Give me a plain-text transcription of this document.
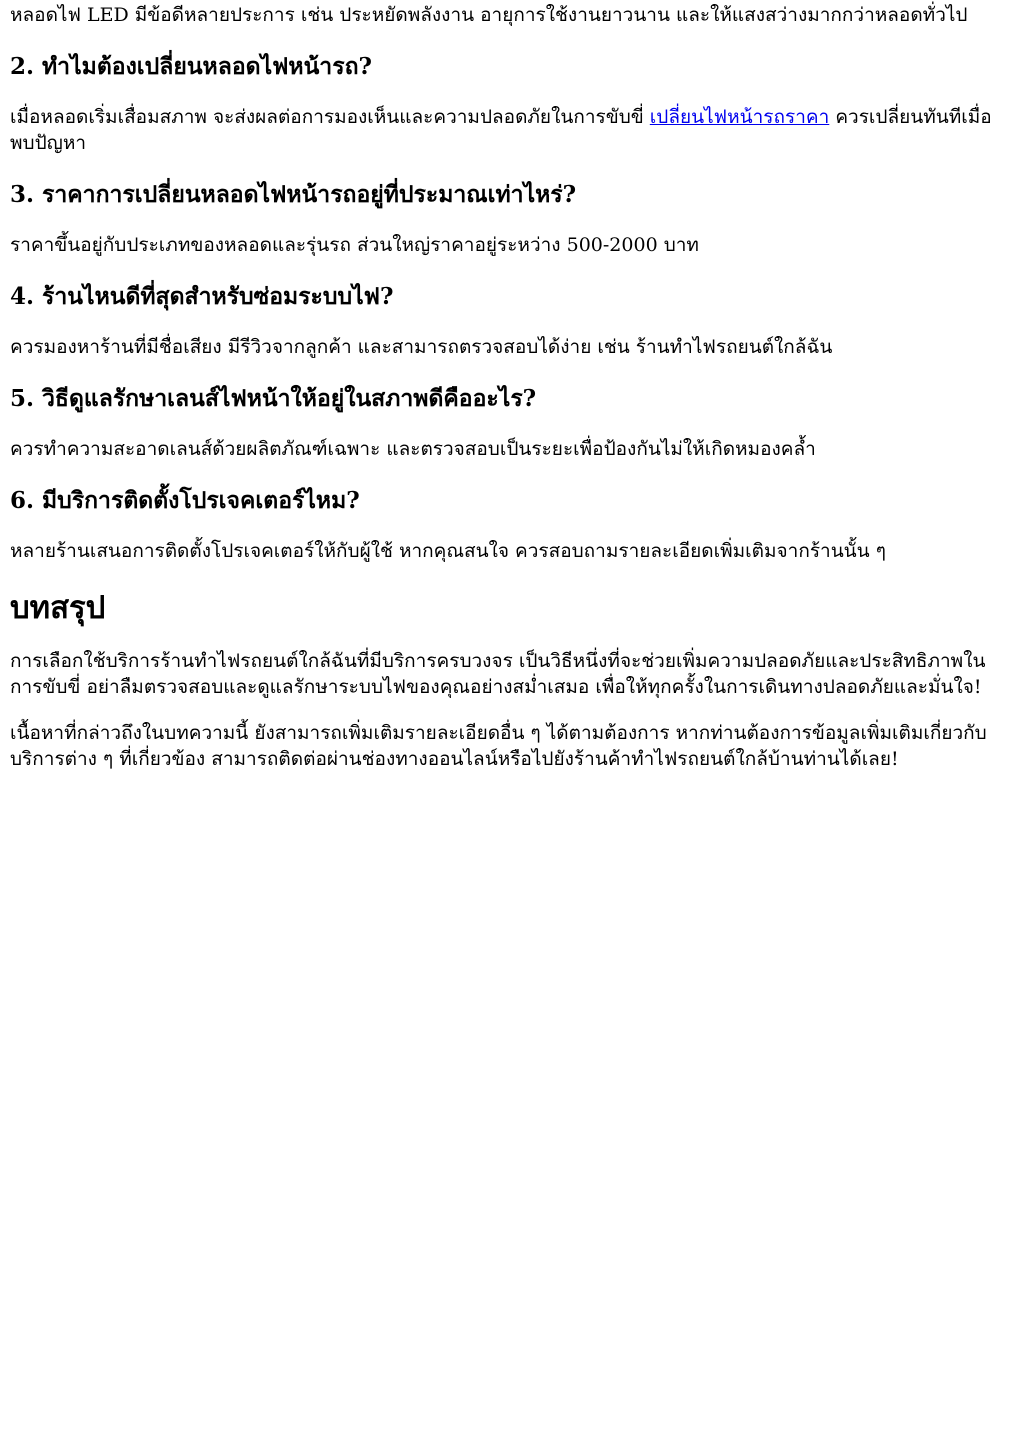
หลอดไฟ LED มีข้อดีหลายประการ เช่น ประหยัดพลังงาน อายุการใช้งานยาวนาน และให้แสงสว่างมากกว่าหลอดทั่วไป

2. ทำไมต้องเปลี่ยนหลอดไฟหน้ารถ?

เมื่อหลอดเริ่มเสื่อมสภาพ จะส่งผลต่อการมองเห็นและความปลอดภัยในการขับขี่ เปลี่ยนไฟหน้ารถราคา ควรเปลี่ยนทันทีเมื่อพบปัญหา

3. ราคาการเปลี่ยนหลอดไฟหน้ารถอยู่ที่ประมาณเท่าไหร่?

ราคาขึ้นอยู่กับประเภทของหลอดและรุ่นรถ ส่วนใหญ่ราคาอยู่ระหว่าง 500-2000 บาท

4. ร้านไหนดีที่สุดสำหรับซ่อมระบบไฟ?

ควรมองหาร้านที่มีชื่อเสียง มีรีวิวจากลูกค้า และสามารถตรวจสอบได้ง่าย เช่น ร้านทำไฟรถยนต์ใกล้ฉัน

5. วิธีดูแลรักษาเลนส์ไฟหน้าให้อยู่ในสภาพดีคืออะไร?

ควรทำความสะอาดเลนส์ด้วยผลิตภัณฑ์เฉพาะ และตรวจสอบเป็นระยะเพื่อป้องกันไม่ให้เกิดหมองคล้ำ

6. มีบริการติดตั้งโปรเจคเตอร์ไหม?

หลายร้านเสนอการติดตั้งโปรเจคเตอร์ให้กับผู้ใช้ หากคุณสนใจ ควรสอบถามรายละเอียดเพิ่มเติมจากร้านนั้น ๆ

บทสรุป

การเลือกใช้บริการร้านทำไฟรถยนต์ใกล้ฉันที่มีบริการครบวงจร เป็นวิธีหนึ่งที่จะช่วยเพิ่มความปลอดภัยและประสิทธิภาพในการขับขี่ อย่าลืมตรวจสอบและดูแลรักษาระบบไฟของคุณอย่างสม่ำเสมอ เพื่อให้ทุกครั้งในการเดินทางปลอดภัยและมั่นใจ!

เนื้อหาที่กล่าวถึงในบทความนี้ ยังสามารถเพิ่มเติมรายละเอียดอื่น ๆ ได้ตามต้องการ หากท่านต้องการข้อมูลเพิ่มเติมเกี่ยวกับบริการต่าง ๆ ที่เกี่ยวข้อง สามารถติดต่อผ่านช่องทางออนไลน์หรือไปยังร้านค้าทำไฟรถยนต์ใกล้บ้านท่านได้เลย!
